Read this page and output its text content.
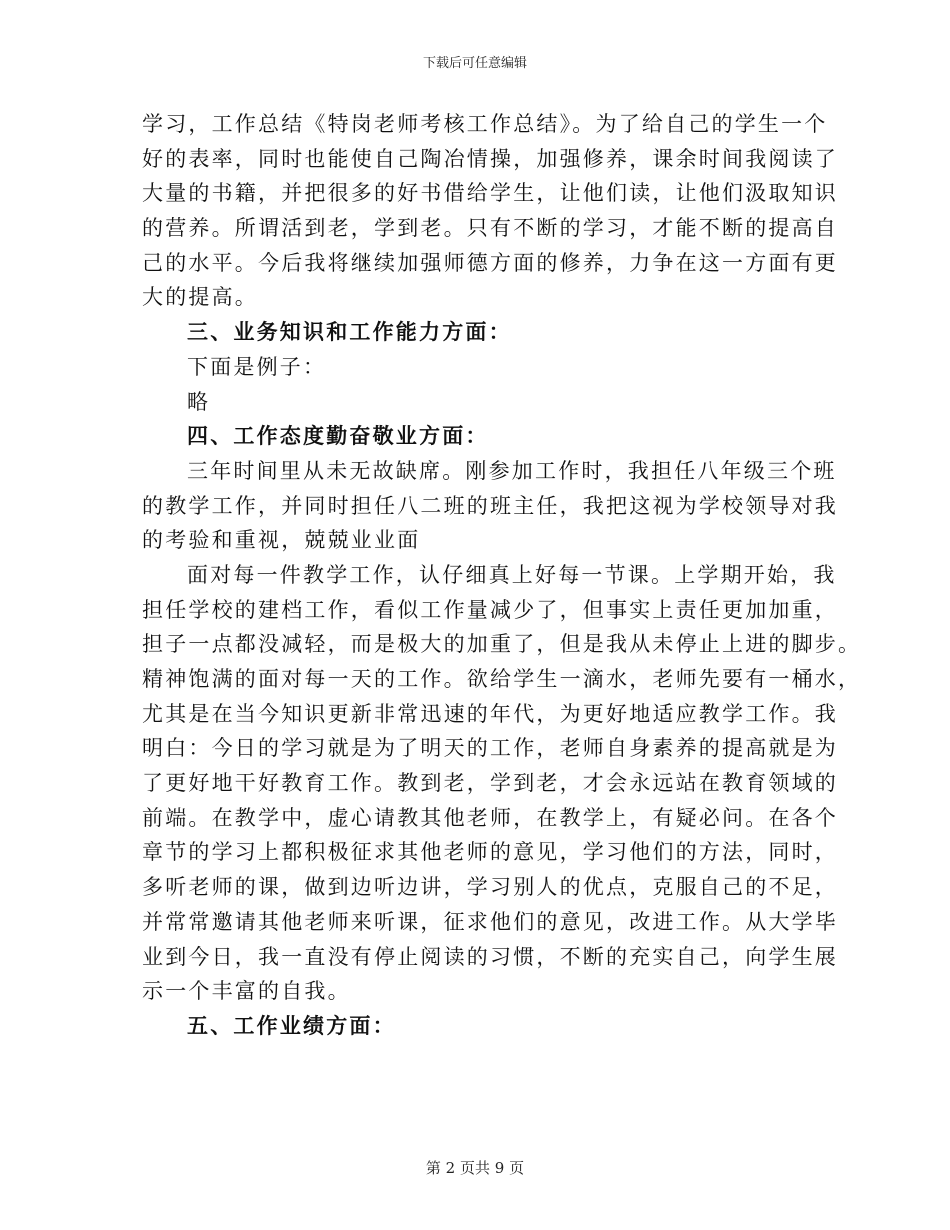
下载后可任意编辑
学习，工作总结《特岗老师考核工作总结》。为了给自己的学生一个
好的表率，同时也能使自己陶冶情操，加强修养，课余时间我阅读了
大量的书籍，并把很多的好书借给学生，让他们读，让他们汲取知识
的营养。所谓活到老，学到老。只有不断的学习，才能不断的提高自
己的水平。今后我将继续加强师德方面的修养，力争在这一方面有更
大的提高。
三、业务知识和工作能力方面：
下面是例子：
略
四、工作态度勤奋敬业方面：
三年时间里从未无故缺席。刚参加工作时，我担任八年级三个班
的教学工作，并同时担任八二班的班主任，我把这视为学校领导对我
的考验和重视，兢兢业业面
面对每一件教学工作，认仔细真上好每一节课。上学期开始，我
担任学校的建档工作，看似工作量减少了，但事实上责任更加加重，
担子一点都没减轻，而是极大的加重了，但是我从未停止上进的脚步。
精神饱满的面对每一天的工作。欲给学生一滴水，老师先要有一桶水，
尤其是在当今知识更新非常迅速的年代，为更好地适应教学工作。我
明白：今日的学习就是为了明天的工作，老师自身素养的提高就是为
了更好地干好教育工作。教到老，学到老，才会永远站在教育领域的
前端。在教学中，虚心请教其他老师，在教学上，有疑必问。在各个
章节的学习上都积极征求其他老师的意见，学习他们的方法，同时，
多听老师的课，做到边听边讲，学习别人的优点，克服自己的不足，
并常常邀请其他老师来听课，征求他们的意见，改进工作。从大学毕
业到今日，我一直没有停止阅读的习惯，不断的充实自己，向学生展
示一个丰富的自我。
五、工作业绩方面：
第 2 页共 9 页
